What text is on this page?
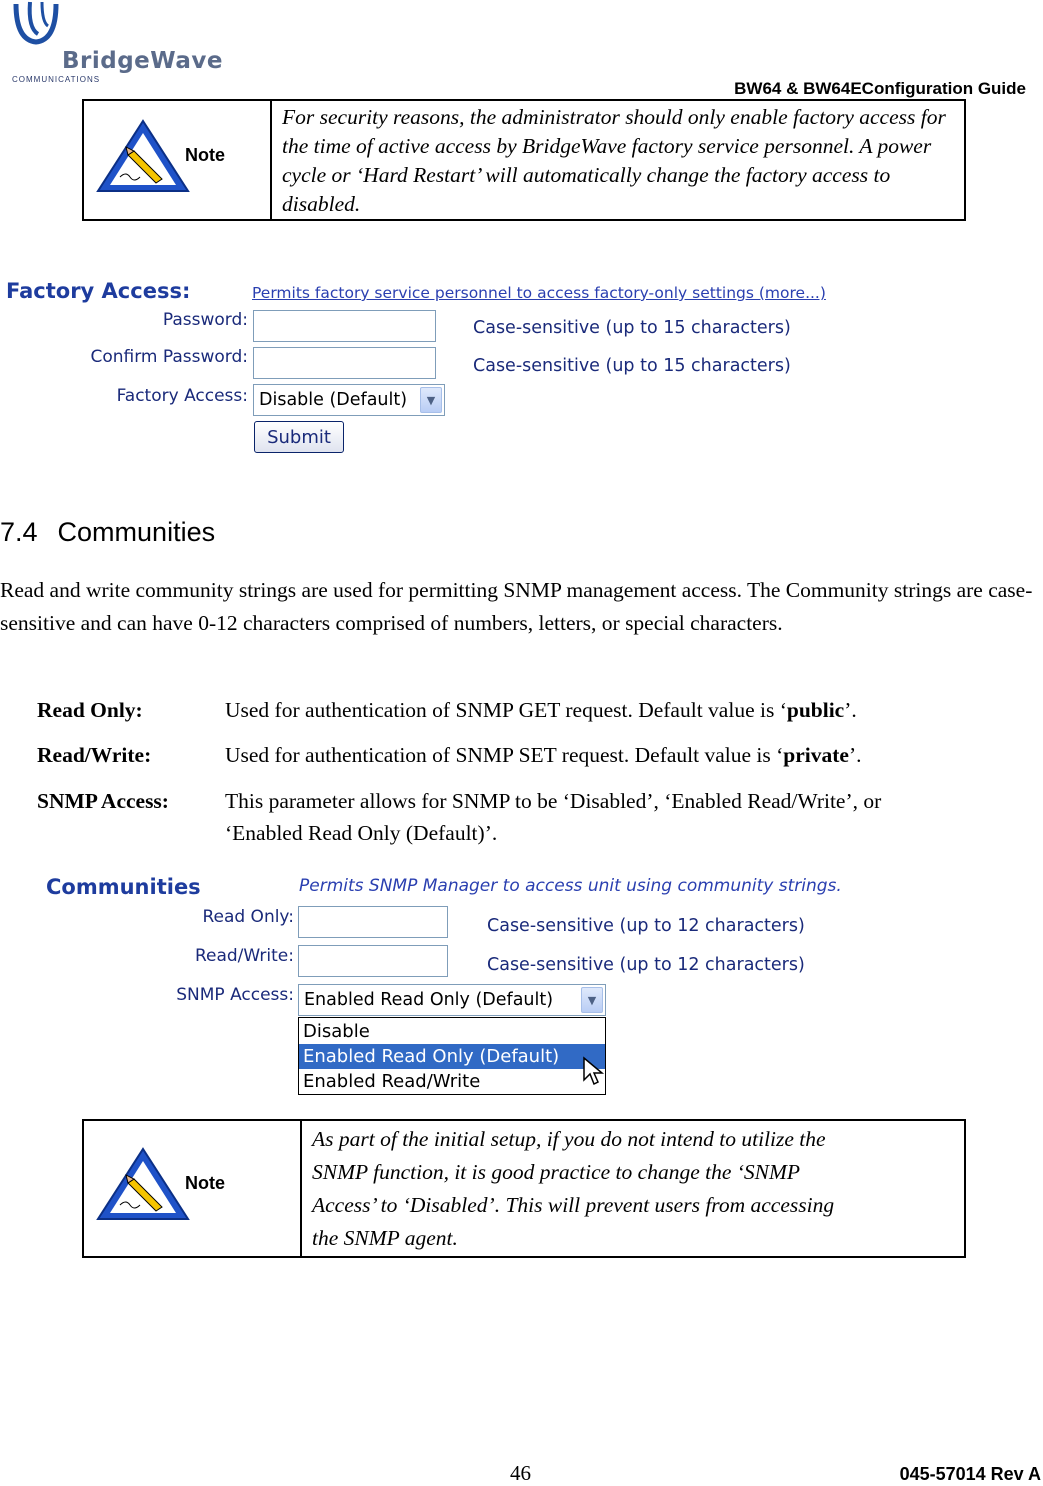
BridgeWave
COMMUNICATIONS	BW64 & BW64EConfiguration Guide
Note
For security reasons, the administrator should only enable factory access for the time of active access by BridgeWave factory service personnel. A power cycle or ‘Hard Restart’ will automatically change the factory access to disabled.
Factory Access:	Permits factory service personnel to access factory-only settings (more...)
Password:	Case-sensitive (up to 15 characters)
Confirm Password:	Case-sensitive (up to 15 characters)
Factory Access: Disable (Default)	▼
Submit
7.4 Communities
Read and write community strings are used for permitting SNMP management access. The Community strings are case-sensitive and can have 0-12 characters comprised of numbers, letters, or special characters.
Read Only:	Used for authentication of SNMP GET request. Default value is ‘public’.
Read/Write:	Used for authentication of SNMP SET request. Default value is ‘private’.
SNMP Access:	This parameter allows for SNMP to be ‘Disabled’, ‘Enabled Read/Write’, or
‘Enabled Read Only (Default)’.
Communities	Permits SNMP Manager to access unit using community strings.
Read Only:	Case-sensitive (up to 12 characters)
Read/Write:	Case-sensitive (up to 12 characters)
SNMP Access: Enabled Read Only (Default)	▼
Disable
Enabled Read Only (Default)
Enabled Read/Write
Note
As part of the initial setup, if you do not intend to utilize the
SNMP function, it is good practice to change the ‘SNMP
Access’ to ‘Disabled’. This will prevent users from accessing
the SNMP agent.
46	045-57014 Rev A
